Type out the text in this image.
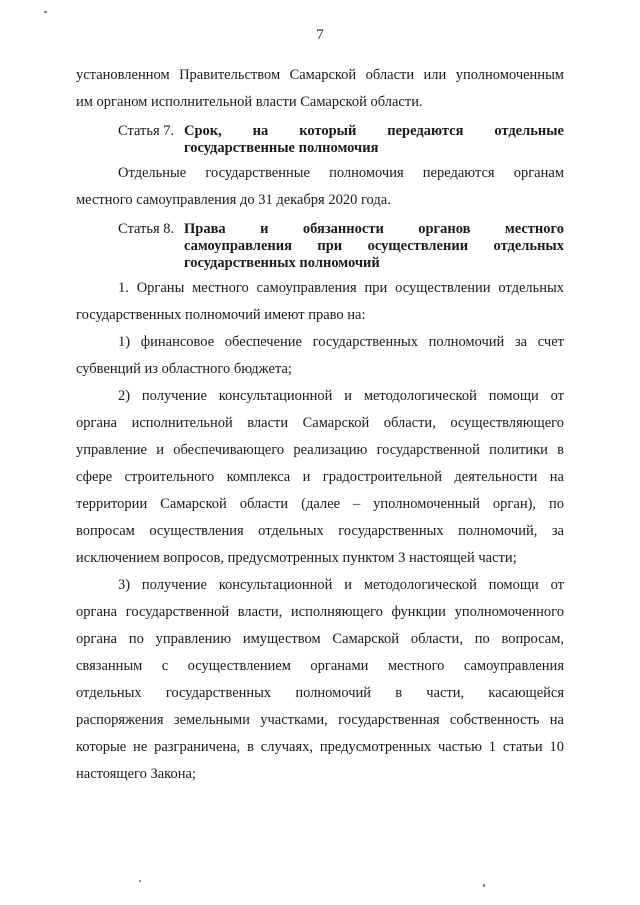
7
установленном Правительством Самарской области или уполномоченным
им органом исполнительной власти Самарской области.
Статья 7. Срок, на который передаются отдельные
государственные полномочия
Отдельные государственные полномочия передаются органам
местного самоуправления до 31 декабря 2020 года.
Статья 8. Права и обязанности органов местного
самоуправления при осуществлении отдельных
государственных полномочий
1. Органы местного самоуправления при осуществлении отдельных
государственных полномочий имеют право на:
1) финансовое обеспечение государственных полномочий за счет
субвенций из областного бюджета;
2) получение консультационной и методологической помощи от
органа исполнительной власти Самарской области, осуществляющего
управление и обеспечивающего реализацию государственной политики в
сфере строительного комплекса и градостроительной деятельности на
территории Самарской области (далее – уполномоченный орган), по
вопросам осуществления отдельных государственных полномочий, за
исключением вопросов, предусмотренных пунктом 3 настоящей части;
3) получение консультационной и методологической помощи от
органа государственной власти, исполняющего функции уполномоченного
органа по управлению имуществом Самарской области, по вопросам,
связанным с осуществлением органами местного самоуправления
отдельных государственных полномочий в части, касающейся
распоряжения земельными участками, государственная собственность на
которые не разграничена, в случаях, предусмотренных частью 1 статьи 10
настоящего Закона;
